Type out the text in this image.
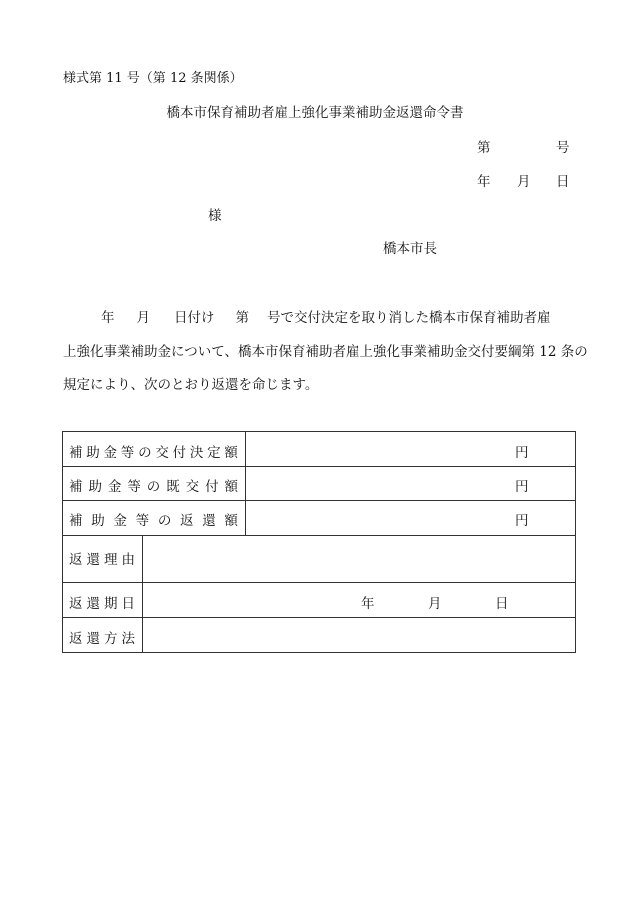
様式第 11 号（第 12 条関係）
橋本市保育補助者雇上強化事業補助金返還命令書
第	号
年 月 日
様
橋本市長
年 月 日付け 第 号で交付決定を取り消した橋本市保育補助者雇
上強化事業補助金について、橋本市保育補助者雇上強化事業補助金交付要綱第 12 条の
規定により、次のとおり返還を命じます。
補 助 金 等 の 交 付 決 定 額	円
補 助 金 等 の 既 交 付 額	円
補 助 金 等 の 返 還 額	円
返 還 理 由
返 還 期 日	年	月	日
返 還 方 法
